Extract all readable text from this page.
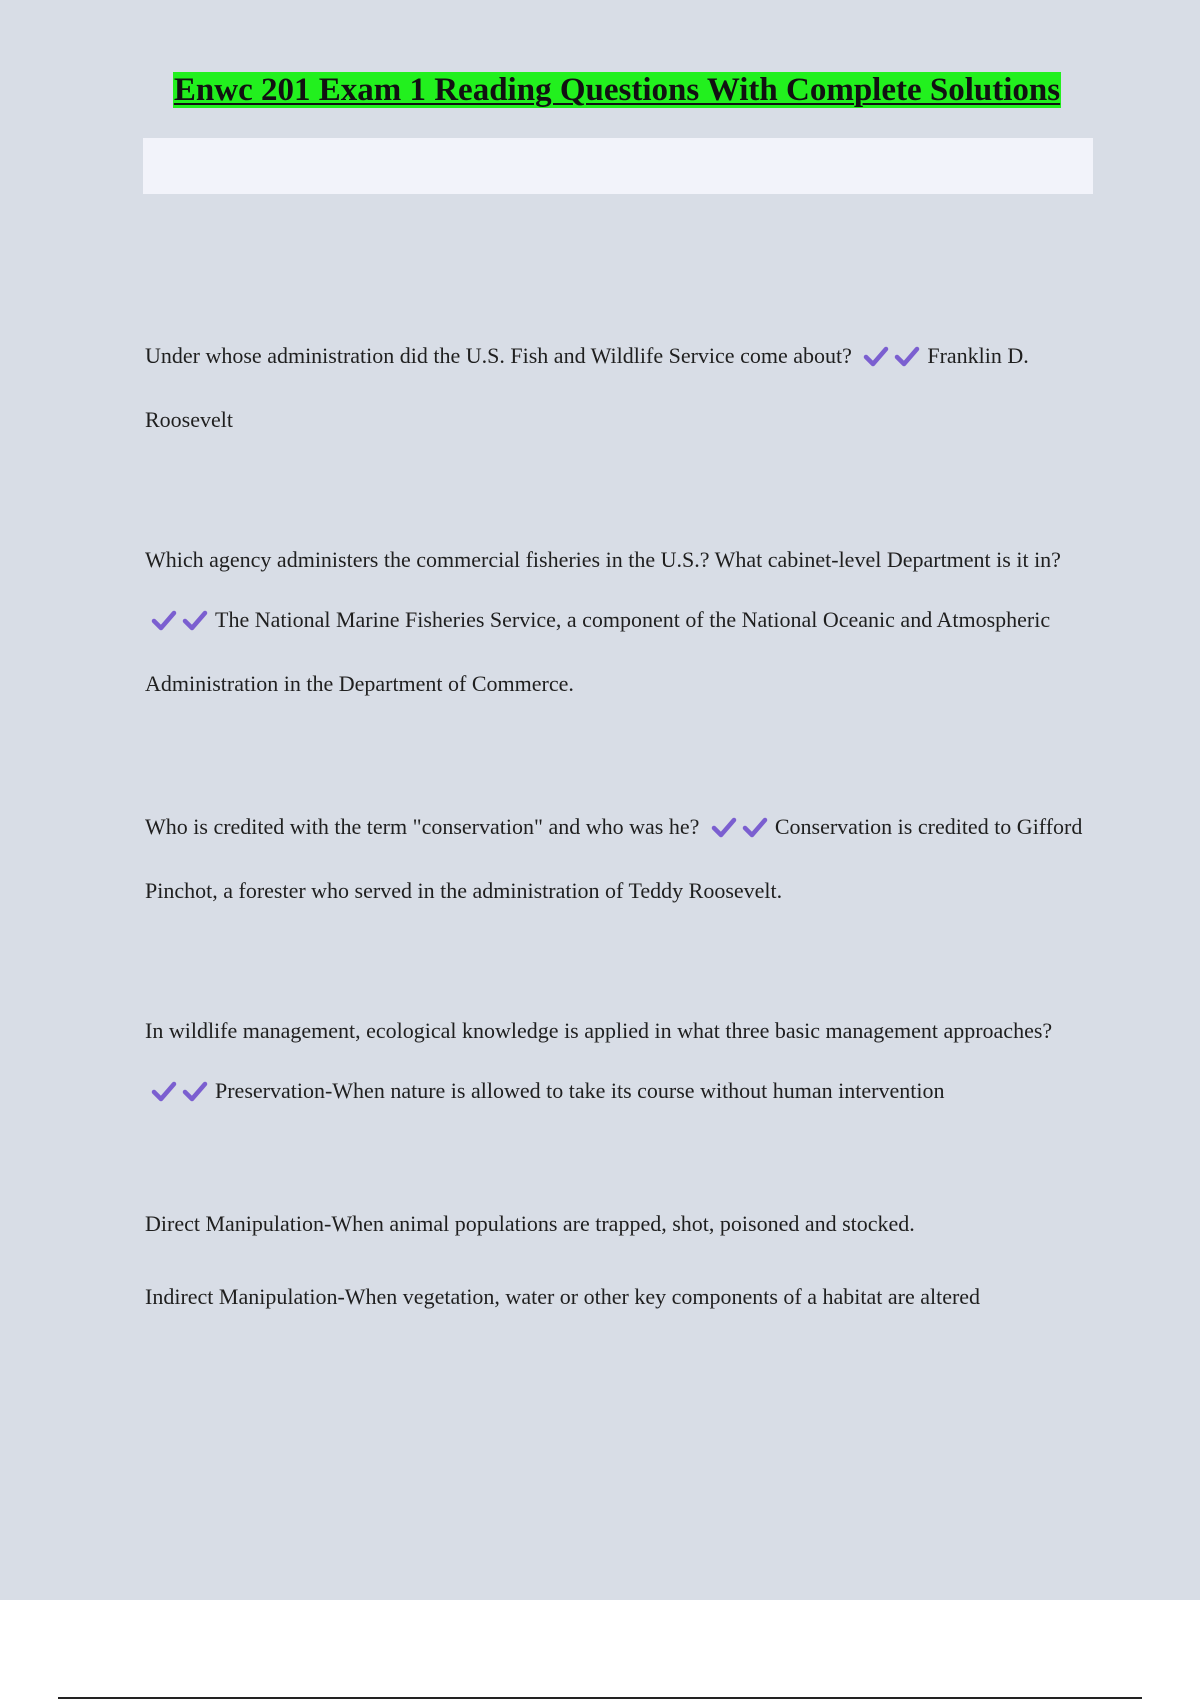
Enwc 201 Exam 1 Reading Questions With Complete Solutions

Under whose administration did the U.S. Fish and Wildlife Service come about?	Franklin D. Roosevelt

Which agency administers the commercial fisheries in the U.S.? What cabinet-level Department is it in? The National Marine Fisheries Service, a component of the National Oceanic and Atmospheric Administration in the Department of Commerce.

Who is credited with the term "conservation" and who was he?	Conservation is credited to Gifford Pinchot, a forester who served in the administration of Teddy Roosevelt.

In wildlife management, ecological knowledge is applied in what three basic management approaches? Preservation-When nature is allowed to take its course without human intervention

Direct Manipulation-When animal populations are trapped, shot, poisoned and stocked.

Indirect Manipulation-When vegetation, water or other key components of a habitat are altered
